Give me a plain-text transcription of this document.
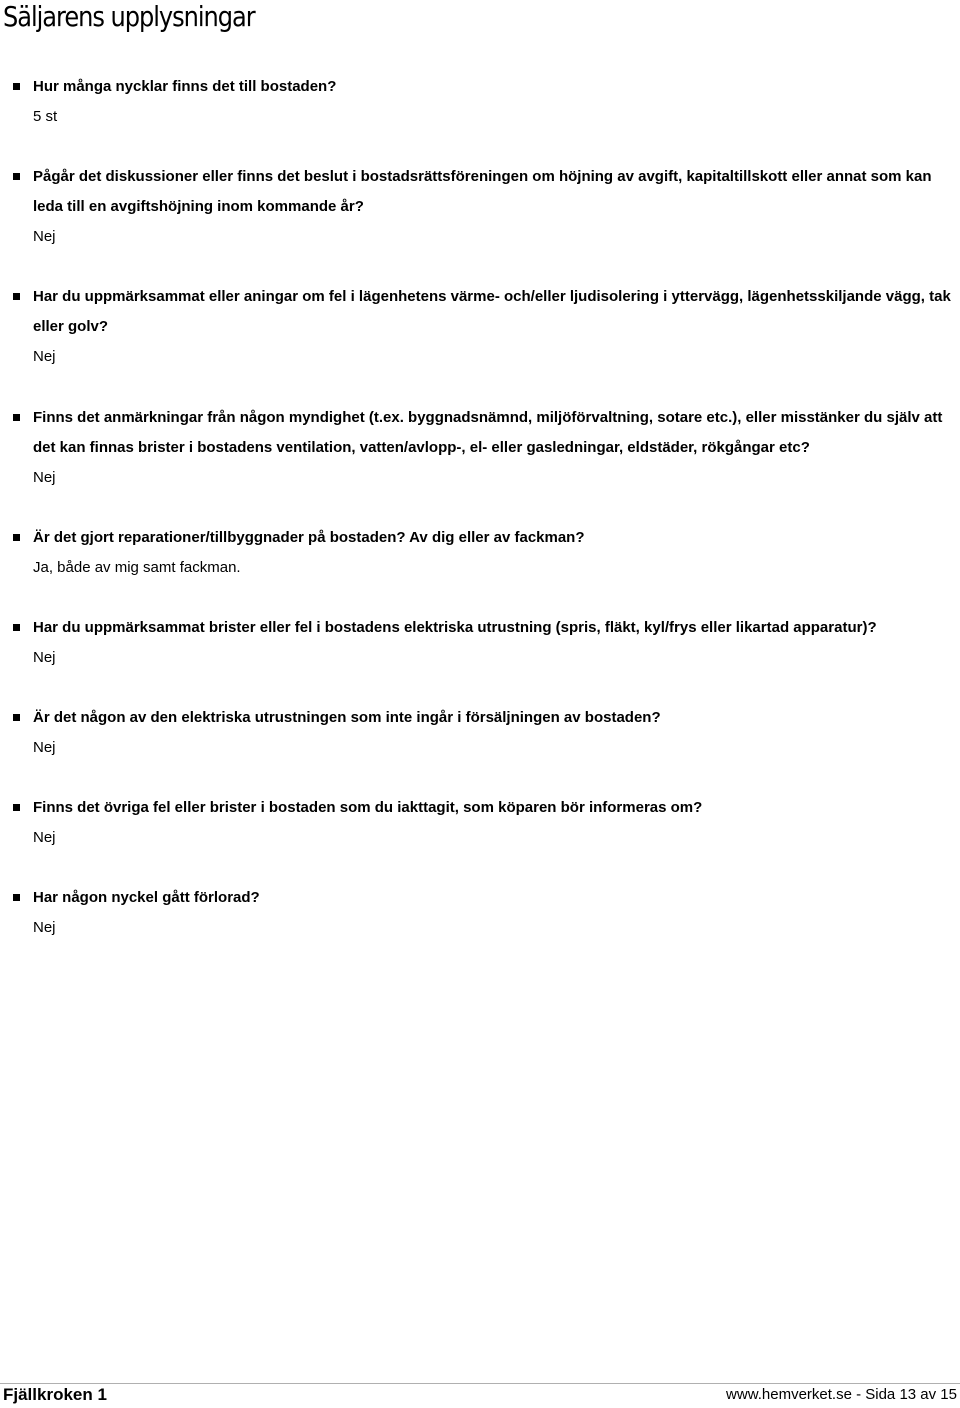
Säljarens upplysningar

Hur många nycklar finns det till bostaden?

5 st

Pågår det diskussioner eller finns det beslut i bostadsrättsföreningen om höjning av avgift, kapitaltillskott eller annat som kan leda till en avgiftshöjning inom kommande år?

Nej

Har du uppmärksammat eller aningar om fel i lägenhetens värme- och/eller ljudisolering i yttervägg, lägenhetsskiljande vägg, tak eller golv?

Nej

Finns det anmärkningar från någon myndighet (t.ex. byggnadsnämnd, miljöförvaltning, sotare etc.), eller misstänker du själv att det kan finnas brister i bostadens ventilation, vatten/avlopp-, el- eller gasledningar, eldstäder, rökgångar etc?

Nej

Är det gjort reparationer/tillbyggnader på bostaden? Av dig eller av fackman?

Ja, både av mig samt fackman.

Har du uppmärksammat brister eller fel i bostadens elektriska utrustning (spris, fläkt, kyl/frys eller likartad apparatur)?

Nej

Är det någon av den elektriska utrustningen som inte ingår i försäljningen av bostaden?

Nej

Finns det övriga fel eller brister i bostaden som du iakttagit, som köparen bör informeras om?

Nej

Har någon nyckel gått förlorad?

Nej

Fjällkroken 1	www.hemverket.se - Sida 13 av 15
